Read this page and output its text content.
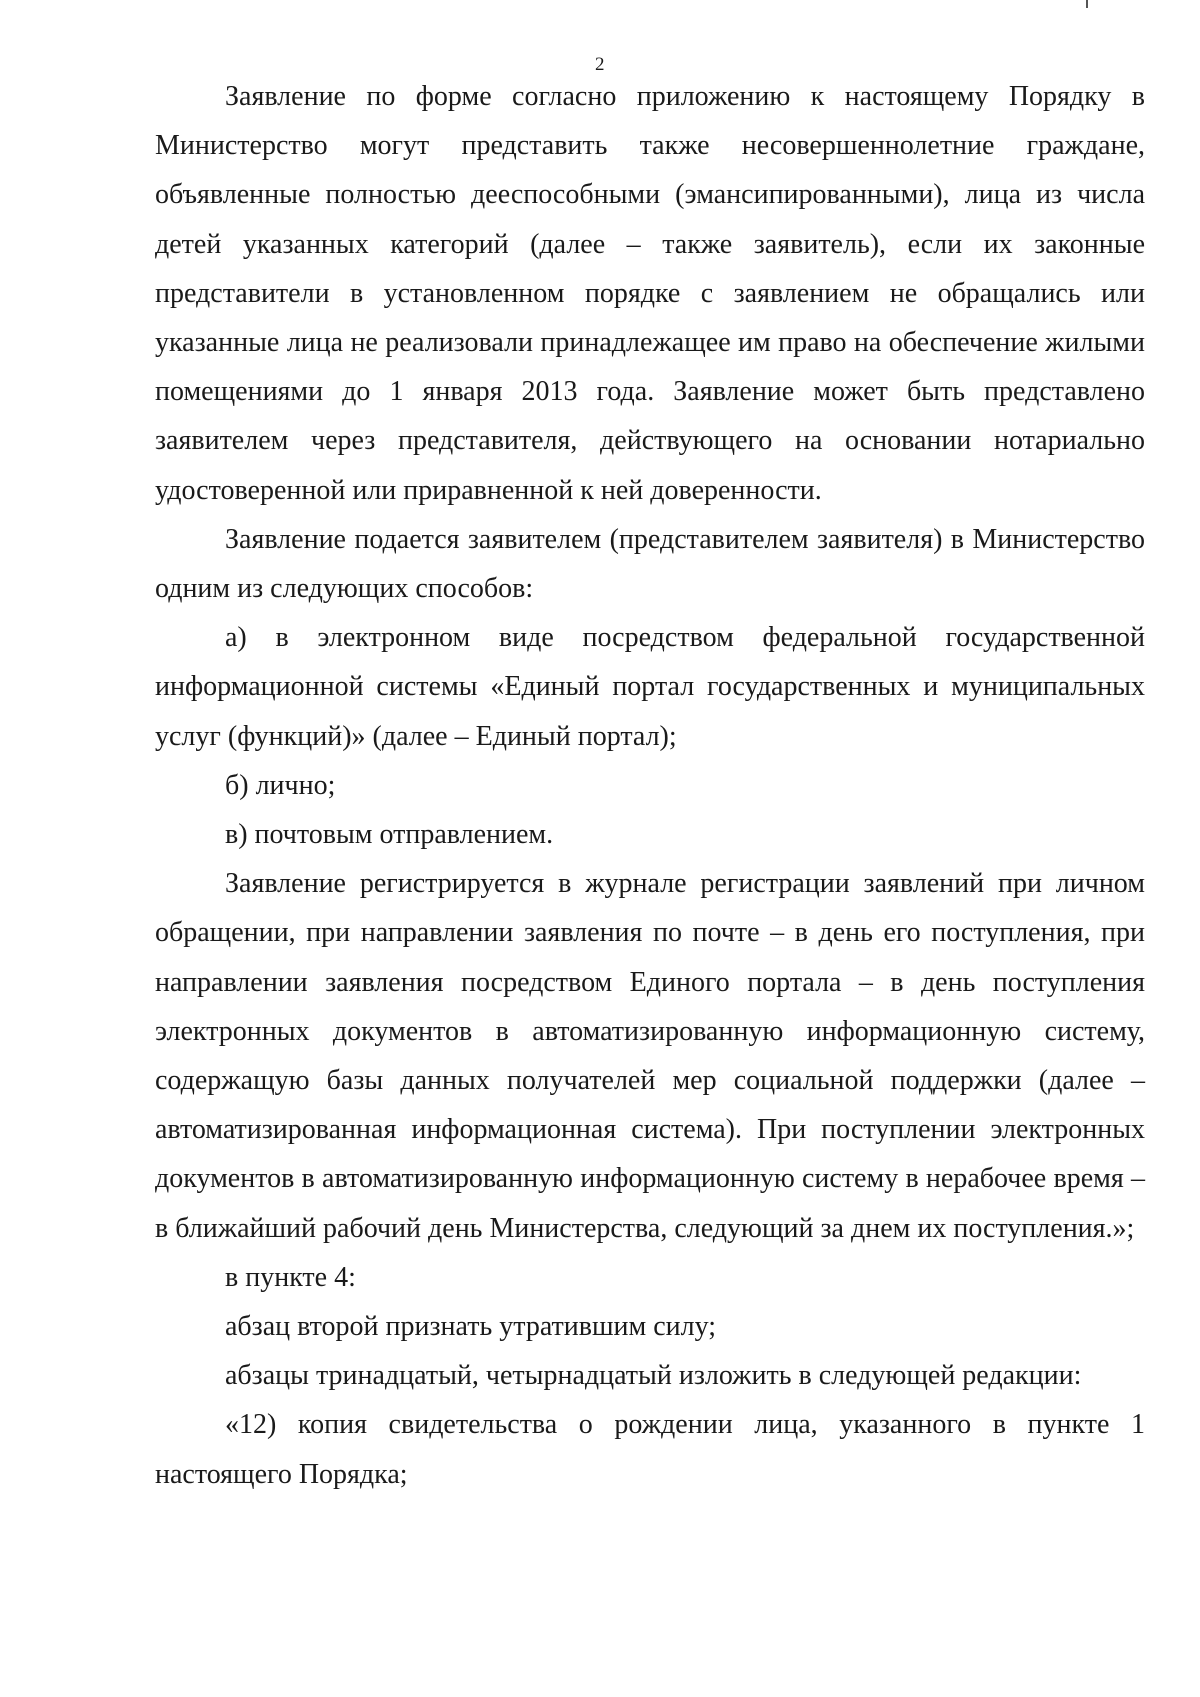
2

Заявление по форме согласно приложению к настоящему Порядку в Министерство могут представить также несовершеннолетние граждане, объявленные полностью дееспособными (эмансипированными), лица из числа детей указанных категорий (далее – также заявитель), если их законные представители в установленном порядке с заявлением не обращались или указанные лица не реализовали принадлежащее им право на обеспечение жилыми помещениями до 1 января 2013 года. Заявление может быть представлено заявителем через представителя, действующего на основании нотариально удостоверенной или приравненной к ней доверенности.

Заявление подается заявителем (представителем заявителя) в Министерство одним из следующих способов:

а) в электронном виде посредством федеральной государственной информационной системы «Единый портал государственных и муниципальных услуг (функций)» (далее – Единый портал);

б) лично;

в) почтовым отправлением.

Заявление регистрируется в журнале регистрации заявлений при личном обращении, при направлении заявления по почте – в день его поступления, при направлении заявления посредством Единого портала – в день поступления электронных документов в автоматизированную информационную систему, содержащую базы данных получателей мер социальной поддержки (далее – автоматизированная информационная система). При поступлении электронных документов в автоматизированную информационную систему в нерабочее время – в ближайший рабочий день Министерства, следующий за днем их поступления.»;

в пункте 4:

абзац второй признать утратившим силу;

абзацы тринадцатый, четырнадцатый изложить в следующей редакции:

«12) копия свидетельства о рождении лица, указанного в пункте 1 настоящего Порядка;
